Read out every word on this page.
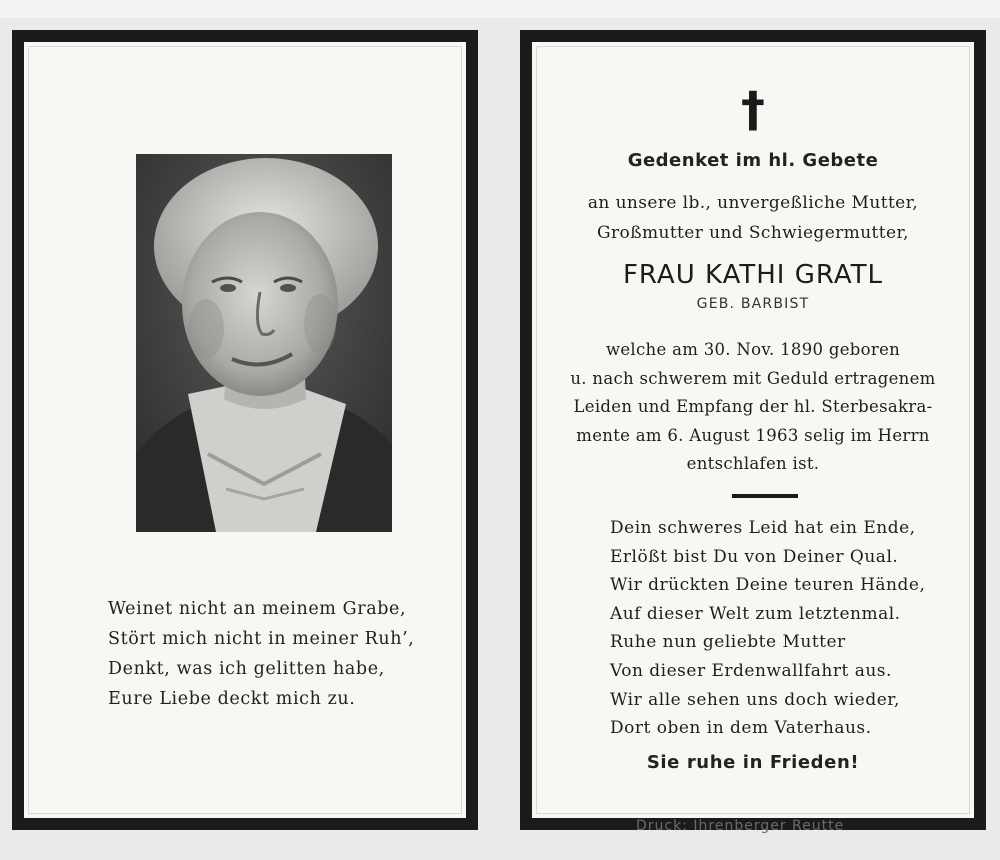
Weinet nicht an meinem Grabe,
Stört mich nicht in meiner Ruh’,
Denkt, was ich gelitten habe,
Eure Liebe deckt mich zu.
†
Gedenket im hl. Gebete
an unsere lb., unvergeßliche Mutter,
Großmutter und Schwiegermutter,
FRAU KATHI GRATL
GEB. BARBIST
welche am 30. Nov. 1890 geboren
u. nach schwerem mit Geduld ertragenem
Leiden und Empfang der hl. Sterbesakra-
mente am 6. August 1963 selig im Herrn
entschlafen ist.
Dein schweres Leid hat ein Ende,
Erlößt bist Du von Deiner Qual.
Wir drückten Deine teuren Hände,
Auf dieser Welt zum letztenmal.
Ruhe nun geliebte Mutter
Von dieser Erdenwallfahrt aus.
Wir alle sehen uns doch wieder,
Dort oben in dem Vaterhaus.
Sie ruhe in Frieden!
Druck: Ihrenberger Reutte
